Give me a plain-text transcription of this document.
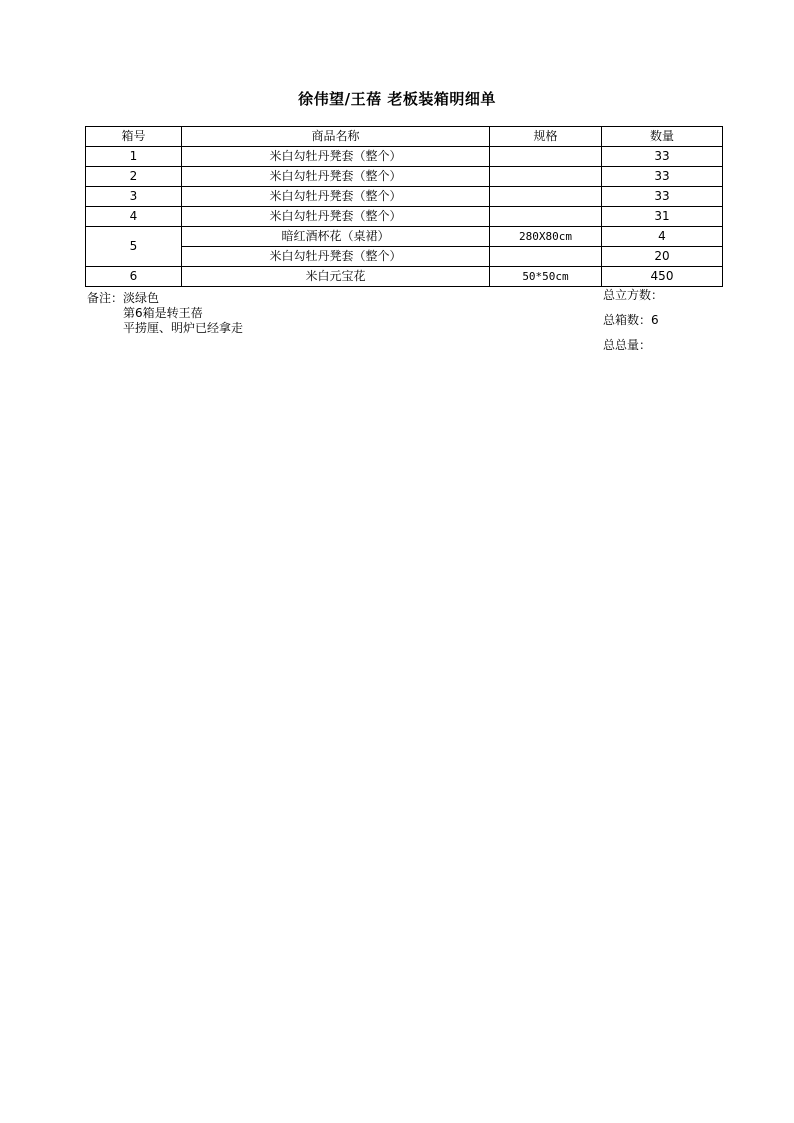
徐伟望/王蓓 老板装箱明细单
箱号	商品名称	规格	数量
1	米白勾牡丹凳套（整个）		33
2	米白勾牡丹凳套（整个）		33
3	米白勾牡丹凳套（整个）		33
4	米白勾牡丹凳套（整个）		31
5	暗红酒杯花（桌裙）	280X80cm	4
	米白勾牡丹凳套（整个）		20
6	米白元宝花	50*50cm	450
备注：淡绿色
第6箱是转王蓓
平捞厘、明炉已经拿走
总立方数：
总箱数：6
总总量：
